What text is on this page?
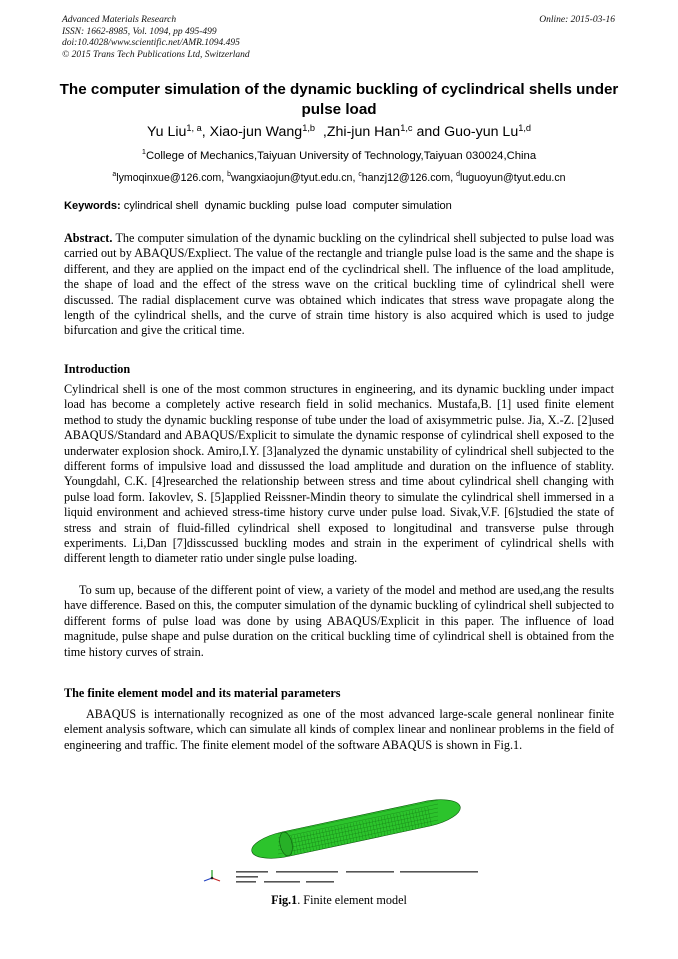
Advanced Materials Research
ISSN: 1662-8985, Vol. 1094, pp 495-499
doi:10.4028/www.scientific.net/AMR.1094.495
© 2015 Trans Tech Publications Ltd, Switzerland
Online: 2015-03-16
The computer simulation of the dynamic buckling of cyclindrical shells under pulse load
Yu Liu$^{1, a}$, Xiao-jun Wang$^{1,b}$  ,Zhi-jun Han$^{1,c}$ and Guo-yun Lu$^{1,d}$
$^1$College of Mechanics,Taiyuan University of Technology,Taiyuan 030024,China
$^a$lymoqinxue@126.com, $^b$wangxiaojun@tyut.edu.cn, $^c$hanzj12@126.com, $^d$luguoyun@tyut.edu.cn
Keywords: cylindrical shell  dynamic buckling  pulse load  computer simulation
Abstract. The computer simulation of the dynamic buckling on the cylindrical shell subjected to pulse load was carried out by ABAQUS/Expliect. The value of the rectangle and triangle pulse load is the same and the shape is different, and they are applied on the impact end of the cyclindrical shell. The influence of the load amplitude, the shape of load and the effect of the stress wave on the critical buckling time of cylindrical shell were discussed. The radial displacement curve was obtained which indicates that stress wave propagate along the length of the cylindrical shells, and the curve of strain time history is also acquired which is used to judge bifurcation and give the critical time.
Introduction
Cylindrical shell is one of the most common structures in engineering, and its dynamic buckling under impact load has become a completely active research field in solid mechanics. Mustafa,B. [1] used finite element method to study the dynamic buckling response of tube under the load of axisymmetric pulse. Jia, X.-Z. [2]used ABAQUS/Standard and ABAQUS/Explicit to simulate the dynamic response of cylindrical shell exposed to the underwater explosion shock. Amiro,I.Y. [3]analyzed the dynamic unstability of cylindrical shell subjected to the different forms of impulsive load and dissussed the load amplitude and duration on the influence of stablity. Youngdahl, C.K. [4]researched the relationship between stress and time about cylindrical shell changing with pulse load form. Iakovlev, S. [5]applied Reissner-Mindin theory to simulate the cylindrical shell immersed in a liquid environment and achieved stress-time history curve under pulse load. Sivak,V.F. [6]studied the state of stress and strain of fluid-filled cylindrical shell exposed to longitudinal and transverse pulse through experiments. Li,Dan [7]disscussed buckling modes and strain in the experiment of cylindrical shells with different length to diameter ratio under single pulse loading.
To sum up, because of the different point of view, a variety of the model and method are used,ang the results have difference. Based on this, the computer simulation of the dynamic buckling of cylindrical shell subjected to different forms of pulse load was done by using ABAQUS/Explicit in this paper. The influence of load magnitude, pulse shape and pulse duration on the critical buckling time of cylindrical shell is obtained from the time history curves of strain.
The finite element model and its material parameters
ABAQUS is internationally recognized as one of the most advanced large-scale general nonlinear finite element analysis software, which can simulate all kinds of complex linear and nonlinear problems in the field of engineering and traffic. The finite element model of the software ABAQUS is shown in Fig.1.
Fig.1. Finite element model
